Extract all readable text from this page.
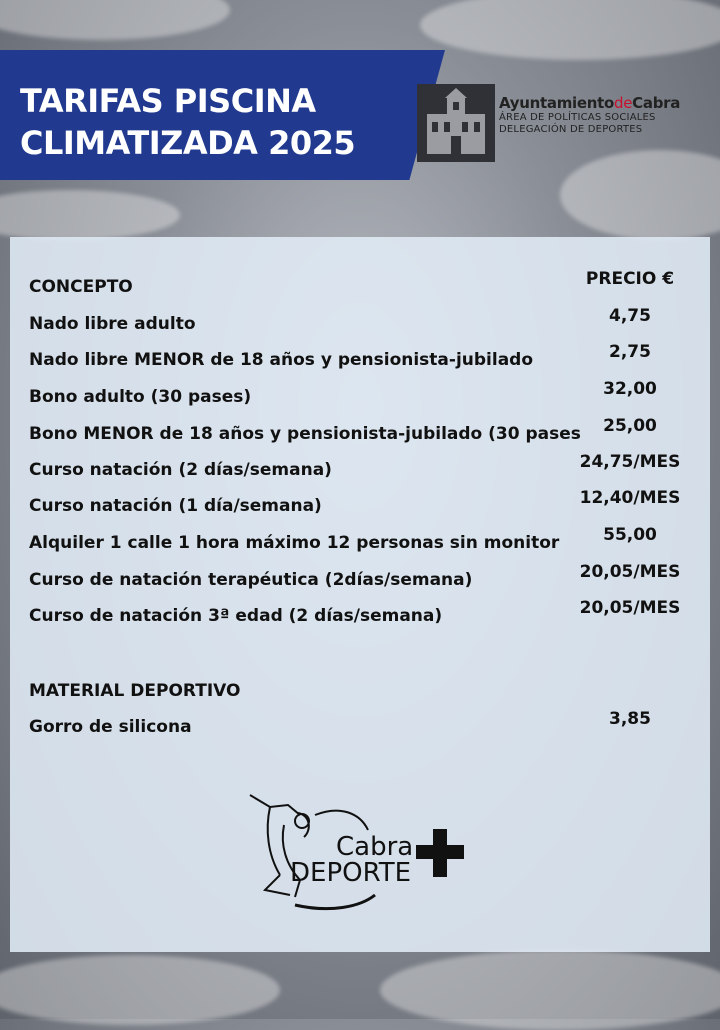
TARIFAS PISCINA
CLIMATIZADA 2025
AyuntamientodeCabra
ÁREA DE POLÍTICAS SOCIALES
DELEGACIÓN DE DEPORTES
CONCEPTO	PRECIO €
Nado libre adulto	4,75
Nado libre MENOR de 18 años y pensionista-jubilado	2,75
Bono adulto (30 pases)	32,00
Bono MENOR de 18 años y pensionista-jubilado (30 pases	25,00
Curso natación (2 días/semana)	24,75/MES
Curso natación (1 día/semana)	12,40/MES
Alquiler 1 calle 1 hora máximo 12 personas sin monitor	55,00
Curso de natación terapéutica (2días/semana)	20,05/MES
Curso de natación 3ª edad (2 días/semana)	20,05/MES
MATERIAL DEPORTIVO
Gorro de silicona	3,85
Cabra
DEPORTE
